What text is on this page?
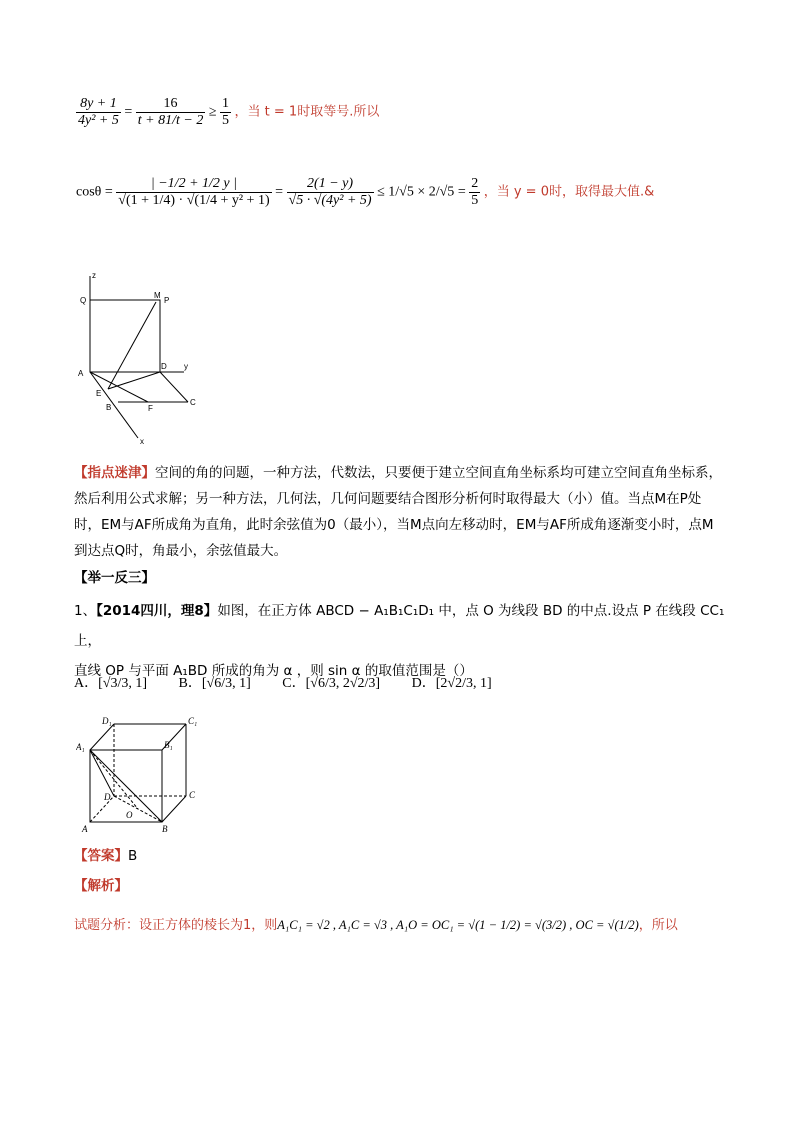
$\frac{8y + 1}{\text{4y² + 5}} = \frac{16}{t + 81/t - 2} \ge \frac{1}{5}$ ，当 t = 1时取等号.所以
$\cos\theta = \frac{| -1/2 + 1/2 y |}{\text{√(1 + 1/4) · √(1/4 + y² + 1)}} = \frac{2(1 - y)}{\text{√5 · √(4y² + 5)}} \le 1/√5 \times 2/√5 = \frac{2}{5}$ ，当 y = 0时，取得最大值.&
z
Q
M
P
A
D y
E
B	F
C
x
【指点迷津】空间的角的问题，一种方法，代数法，只要便于建立空间直角坐标系均可建立空间直角坐标系，然后利用公式求解；另一种方法，几何法，几何问题要结合图形分析何时取得最大（小）值。当点M在P处时，EM与AF所成角为直角，此时余弦值为0（最小），当M点向左移动时，EM与AF所成角逐渐变小时，点M到达点Q时，角最小，余弦值最大。
【举一反三】
1、【2014四川，理8】如图，在正方体 ABCD − A₁B₁C₁D₁ 中，点 O 为线段 BD 的中点.设点 P 在线段 CC₁ 上，
直线 OP 与平面 A₁BD 所成的角为 α ，则 sin α 的取值范围是（）
A．[√3/3, 1] B．[√6/3, 1] C．[√6/3, 2√2/3] D．[2√2/3, 1]
D₁	C₁
A₁	B₁
D	C
O
A	B
【答案】B
【解析】
试题分析：设正方体的棱长为1，则A₁C₁ = √2 , A₁C = √3 , A₁O = OC₁ = √(1 − 1/2) = √(3/2) , OC = √(1/2)，所以
